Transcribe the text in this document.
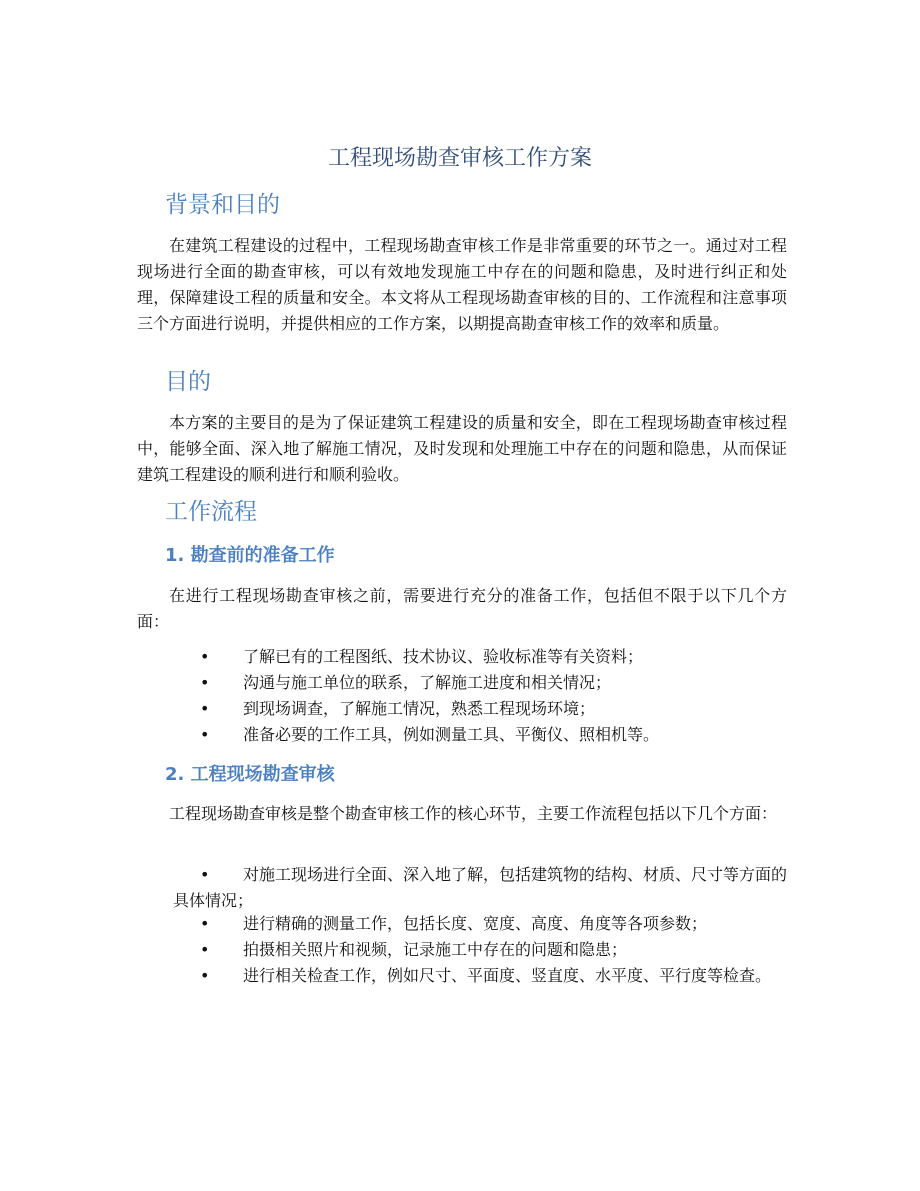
工程现场勘查审核工作方案
背景和目的

在建筑工程建设的过程中，工程现场勘查审核工作是非常重要的环节之一。通过对工程现场进行全面的勘查审核，可以有效地发现施工中存在的问题和隐患，及时进行纠正和处理，保障建设工程的质量和安全。本文将从工程现场勘查审核的目的、工作流程和注意事项三个方面进行说明，并提供相应的工作方案，以期提高勘查审核工作的效率和质量。

目的

本方案的主要目的是为了保证建筑工程建设的质量和安全，即在工程现场勘查审核过程中，能够全面、深入地了解施工情况，及时发现和处理施工中存在的问题和隐患，从而保证建筑工程建设的顺利进行和顺利验收。

工作流程
1. 勘查前的准备工作

在进行工程现场勘查审核之前，需要进行充分的准备工作，包括但不限于以下几个方面：

•	了解已有的工程图纸、技术协议、验收标准等有关资料；
•	沟通与施工单位的联系，了解施工进度和相关情况；
•	到现场调查，了解施工情况，熟悉工程现场环境；
•	准备必要的工作工具，例如测量工具、平衡仪、照相机等。
2. 工程现场勘查审核

工程现场勘查审核是整个勘查审核工作的核心环节，主要工作流程包括以下几个方面：

•	对施工现场进行全面、深入地了解，包括建筑物的结构、材质、尺寸等方面的具体情况；
•	进行精确的测量工作，包括长度、宽度、高度、角度等各项参数；
•	拍摄相关照片和视频，记录施工中存在的问题和隐患；
•	进行相关检查工作，例如尺寸、平面度、竖直度、水平度、平行度等检查。
